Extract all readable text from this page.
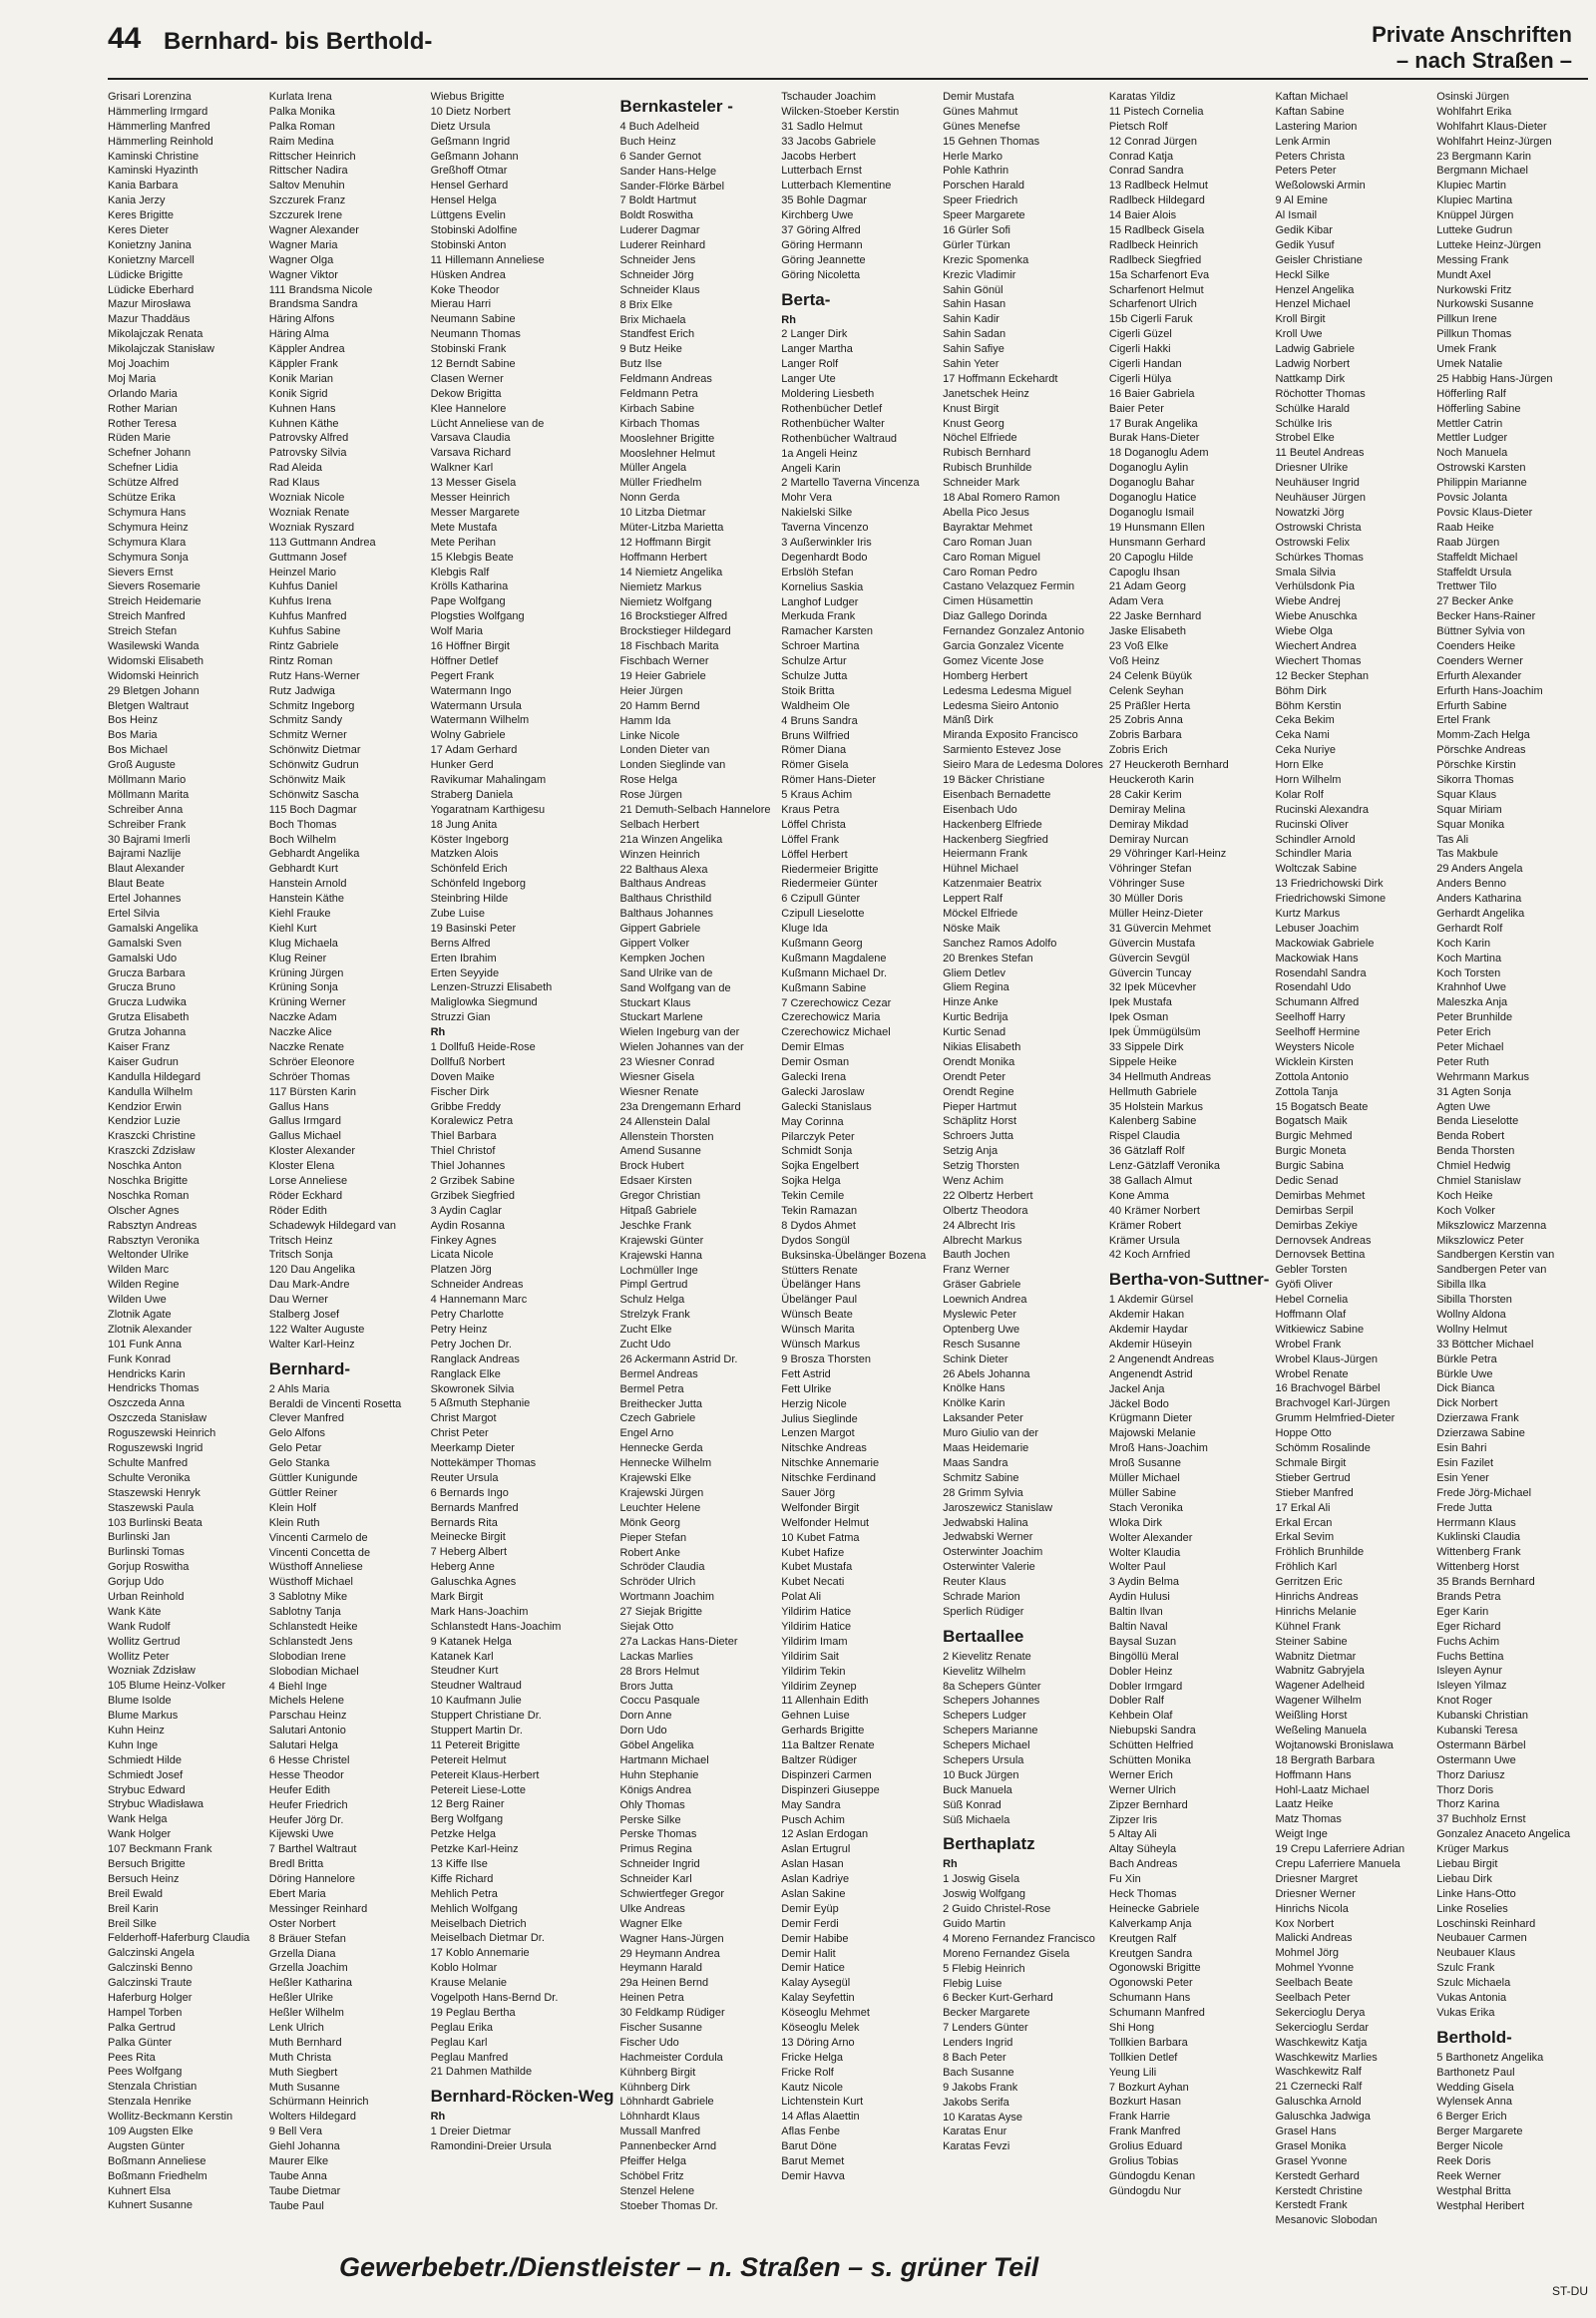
44 Bernhard- bis Berthold-	Private Anschriften
– nach Straßen –
Grisari Lorenzina
Hämmerling Irmgard
Hämmerling Manfred
Hämmerling Reinhold
Kaminski Christine
Kaminski Hyazinth
Kania Barbara
Kania Jerzy
Keres Brigitte
Keres Dieter
Konietzny Janina
Konietzny Marcell
Lüdicke Brigitte
Lüdicke Eberhard
Mazur Mirosława
Mazur Thaddäus
Mikolajczak Renata
Mikolajczak Stanisław
Moj Joachim
Moj Maria
Orlando Maria
Rother Marian
Rother Teresa
Rüden Marie
Schefner Johann
Schefner Lidia
Schütze Alfred
Schütze Erika
Schymura Hans
Schymura Heinz
Schymura Klara
Schymura Sonja
Sievers Ernst
Sievers Rosemarie
Streich Heidemarie
Streich Manfred
Streich Stefan
Wasilewski Wanda
Widomski Elisabeth
Widomski Heinrich
29 Bletgen Johann
Bletgen Waltraut
Bos Heinz
Bos Maria
Bos Michael
Groß Auguste
Möllmann Mario
Möllmann Marita
Schreiber Anna
Schreiber Frank
30 Bajrami Imerli
Bajrami Nazlije
Blaut Alexander
Blaut Beate
Ertel Johannes
Ertel Silvia
Gamalski Angelika
Gamalski Sven
Gamalski Udo
Grucza Barbara
Grucza Bruno
Grucza Ludwika
Grutza Elisabeth
Grutza Johanna
Kaiser Franz
Kaiser Gudrun
Kandulla Hildegard
Kandulla Wilhelm
Kendzior Erwin
Kendzior Luzie
Kraszcki Christine
Kraszcki Zdzisław
Noschka Anton
Noschka Brigitte
Noschka Roman
Olscher Agnes
Rabsztyn Andreas
Rabsztyn Veronika
Weltonder Ulrike
Wilden Marc
Wilden Regine
Wilden Uwe
Zlotnik Agate
Zlotnik Alexander
101 Funk Anna
Funk Konrad
Hendricks Karin
Hendricks Thomas
Oszczeda Anna
Oszczeda Stanisław
Roguszewski Heinrich
Roguszewski Ingrid
Schulte Manfred
Schulte Veronika
Staszewski Henryk
Staszewski Paula
103 Burlinski Beata
Burlinski Jan
Burlinski Tomas
Gorjup Roswitha
Gorjup Udo
Urban Reinhold
Wank Käte
Wank Rudolf
Wollitz Gertrud
Wollitz Peter
Wozniak Zdzisław
105 Blume Heinz-Volker
Blume Isolde
Blume Markus
Kuhn Heinz
Kuhn Inge
Schmiedt Hilde
Schmiedt Josef
Strybuc Edward
Strybuc Władisława
Wank Helga
Wank Holger
107 Beckmann Frank
Bersuch Brigitte
Bersuch Heinz
Breil Ewald
Breil Karin
Breil Silke
Felderhoff-Haferburg Claudia
Galczinski Angela
Galczinski Benno
Galczinski Traute
Haferburg Holger
Hampel Torben
Palka Gertrud
Palka Günter
Pees Rita
Pees Wolfgang
Stenzala Christian
Stenzala Henrike
Wollitz-Beckmann Kerstin
109 Augsten Elke
Augsten Günter
Boßmann Anneliese
Boßmann Friedhelm
Kuhnert Elsa
Kuhnert Susanne
Kurlata Irena
Palka Monika
Palka Roman
Raim Medina
Rittscher Heinrich
Rittscher Nadira
Saltov Menuhin
Szczurek Franz
Szczurek Irene
Wagner Alexander
Wagner Maria
Wagner Olga
Wagner Viktor
111 Brandsma Nicole
Brandsma Sandra
Häring Alfons
Häring Alma
Käppler Andrea
Käppler Frank
Konik Marian
Konik Sigrid
Kuhnen Hans
Kuhnen Käthe
Patrovsky Alfred
Patrovsky Silvia
Rad Aleida
Rad Klaus
Wozniak Nicole
Wozniak Renate
Wozniak Ryszard
113 Guttmann Andrea
Guttmann Josef
Heinzel Mario
Kuhfus Daniel
Kuhfus Irena
Kuhfus Manfred
Kuhfus Sabine
Rintz Gabriele
Rintz Roman
Rutz Hans-Werner
Rutz Jadwiga
Schmitz Ingeborg
Schmitz Sandy
Schmitz Werner
Schönwitz Dietmar
Schönwitz Gudrun
Schönwitz Maik
Schönwitz Sascha
115 Boch Dagmar
Boch Thomas
Boch Wilhelm
Gebhardt Angelika
Gebhardt Kurt
Hanstein Arnold
Hanstein Käthe
Kiehl Frauke
Kiehl Kurt
Klug Michaela
Klug Reiner
Krüning Jürgen
Krüning Sonja
Krüning Werner
Naczke Adam
Naczke Alice
Naczke Renate
Schröer Eleonore
Schröer Thomas
117 Bürsten Karin
Gallus Hans
Gallus Irmgard
Gallus Michael
Kloster Alexander
Kloster Elena
Lorse Anneliese
Röder Eckhard
Röder Edith
Schadewyk Hildegard van
Tritsch Heinz
Tritsch Sonja
120 Dau Angelika
Dau Mark-Andre
Dau Werner
Stalberg Josef
122 Walter Auguste
Walter Karl-Heinz
Bernhard-
2 Ahls Maria
Beraldi de Vincenti Rosetta
Clever Manfred
Gelo Alfons
Gelo Petar
Gelo Stanka
Güttler Kunigunde
Güttler Reiner
Klein Holf
Klein Ruth
Vincenti Carmelo de
Vincenti Concetta de
Wüsthoff Anneliese
Wüsthoff Michael
3 Sablotny Mike
Sablotny Tanja
Schlanstedt Heike
Schlanstedt Jens
Slobodian Irene
Slobodian Michael
4 Biehl Inge
Michels Helene
Parschau Heinz
Salutari Antonio
Salutari Helga
6 Hesse Christel
Hesse Theodor
Heufer Edith
Heufer Friedrich
Heufer Jörg Dr.
Kijewski Uwe
7 Barthel Waltraut
Bredl Britta
Döring Hannelore
Ebert Maria
Messinger Reinhard
Oster Norbert
8 Bräuer Stefan
Grzella Diana
Grzella Joachim
Heßler Katharina
Heßler Ulrike
Heßler Wilhelm
Lenk Ulrich
Muth Bernhard
Muth Christa
Muth Siegbert
Muth Susanne
Schürmann Heinrich
Wolters Hildegard
9 Bell Vera
Giehl Johanna
Maurer Elke
Taube Anna
Taube Dietmar
Taube Paul
Wiebus Brigitte
10 Dietz Norbert
Dietz Ursula
Geßmann Ingrid
Geßmann Johann
Greßhoff Otmar
Hensel Gerhard
Hensel Helga
Lüttgens Evelin
Stobinski Adolfine
Stobinski Anton
11 Hillemann Anneliese
Hüsken Andrea
Koke Theodor
Mierau Harri
Neumann Sabine
Neumann Thomas
Stobinski Frank
12 Berndt Sabine
Clasen Werner
Dekow Brigitta
Klee Hannelore
Lücht Anneliese van de
Varsava Claudia
Varsava Richard
Walkner Karl
13 Messer Gisela
Messer Heinrich
Messer Margarete
Mete Mustafa
Mete Perihan
15 Klebgis Beate
Klebgis Ralf
Krölls Katharina
Pape Wolfgang
Plogsties Wolfgang
Wolf Maria
16 Höffner Birgit
Höffner Detlef
Pegert Frank
Watermann Ingo
Watermann Ursula
Watermann Wilhelm
Wolny Gabriele
17 Adam Gerhard
Hunker Gerd
Ravikumar Mahalingam
Straberg Daniela
Yogaratnam Karthigesu
18 Jung Anita
Köster Ingeborg
Matzken Alois
Schönfeld Erich
Schönfeld Ingeborg
Steinbring Hilde
Zube Luise
19 Basinski Peter
Berns Alfred
Erten Ibrahim
Erten Seyyide
Lenzen-Struzzi Elisabeth
Maliglowka Siegmund
Struzzi Gian
Rh
1 Dollfuß Heide-Rose
Dollfuß Norbert
Doven Maike
Fischer Dirk
Gribbe Freddy
Koralewicz Petra
Thiel Barbara
Thiel Christof
Thiel Johannes
2 Grzibek Sabine
Grzibek Siegfried
3 Aydin Caglar
Aydin Rosanna
Finkey Agnes
Licata Nicole
Platzen Jörg
Schneider Andreas
4 Hannemann Marc
Petry Charlotte
Petry Heinz
Petry Jochen Dr.
Ranglack Andreas
Ranglack Elke
Skowronek Silvia
5 Aßmuth Stephanie
Christ Margot
Christ Peter
Meerkamp Dieter
Nottekämper Thomas
Reuter Ursula
6 Bernards Ingo
Bernards Manfred
Bernards Rita
Meinecke Birgit
7 Heberg Albert
Heberg Anne
Galuschka Agnes
Mark Birgit
Mark Hans-Joachim
Schlanstedt Hans-Joachim
9 Katanek Helga
Katanek Karl
Steudner Kurt
Steudner Waltraud
10 Kaufmann Julie
Stuppert Christiane Dr.
Stuppert Martin Dr.
11 Petereit Brigitte
Petereit Helmut
Petereit Klaus-Herbert
Petereit Liese-Lotte
12 Berg Rainer
Berg Wolfgang
Petzke Helga
Petzke Karl-Heinz
13 Kiffe Ilse
Kiffe Richard
Mehlich Petra
Mehlich Wolfgang
Meiselbach Dietrich
Meiselbach Dietmar Dr.
17 Koblo Annemarie
Koblo Holmar
Krause Melanie
Vogelpoth Hans-Bernd Dr.
19 Peglau Bertha
Peglau Erika
Peglau Karl
Peglau Manfred
21 Dahmen Mathilde
Bernhard-Röcken-Weg
Rh
1 Dreier Dietmar
Ramondini-Dreier Ursula
Bernkasteler -
4 Buch Adelheid
Buch Heinz
6 Sander Gernot
Sander Hans-Helge
Sander-Flörke Bärbel
7 Boldt Hartmut
Boldt Roswitha
Luderer Dagmar
Luderer Reinhard
Schneider Jens
Schneider Jörg
Schneider Klaus
8 Brix Elke
Brix Michaela
Standfest Erich
9 Butz Heike
Butz Ilse
Feldmann Andreas
Feldmann Petra
Kirbach Sabine
Kirbach Thomas
Mooslehner Brigitte
Mooslehner Helmut
Müller Angela
Müller Friedhelm
Nonn Gerda
10 Litzba Dietmar
Müter-Litzba Marietta
12 Hoffmann Birgit
Hoffmann Herbert
14 Niemietz Angelika
Niemietz Markus
Niemietz Wolfgang
16 Brockstieger Alfred
Brockstieger Hildegard
18 Fischbach Marita
Fischbach Werner
19 Heier Gabriele
Heier Jürgen
20 Hamm Bernd
Hamm Ida
Linke Nicole
Londen Dieter van
Londen Sieglinde van
Rose Helga
Rose Jürgen
21 Demuth-Selbach Hannelore
Selbach Herbert
21a Winzen Angelika
Winzen Heinrich
22 Balthaus Alexa
Balthaus Andreas
Balthaus Christhild
Balthaus Johannes
Gippert Gabriele
Gippert Volker
Kempken Jochen
Sand Ulrike van de
Sand Wolfgang van de
Stuckart Klaus
Stuckart Marlene
Wielen Ingeburg van der
Wielen Johannes van der
23 Wiesner Conrad
Wiesner Gisela
Wiesner Renate
23a Drengemann Erhard
24 Allenstein Dalal
Allenstein Thorsten
Amend Susanne
Brock Hubert
Edsaer Kirsten
Gregor Christian
Hitpaß Gabriele
Jeschke Frank
Krajewski Günter
Krajewski Hanna
Lochmüller Inge
Pimpl Gertrud
Schulz Helga
Strelzyk Frank
Zucht Elke
Zucht Udo
26 Ackermann Astrid Dr.
Bermel Andreas
Bermel Petra
Breithecker Jutta
Czech Gabriele
Engel Arno
Hennecke Gerda
Hennecke Wilhelm
Krajewski Elke
Krajewski Jürgen
Leuchter Helene
Mönk Georg
Pieper Stefan
Robert Anke
Schröder Claudia
Schröder Ulrich
Wortmann Joachim
27 Siejak Brigitte
Siejak Otto
27a Lackas Hans-Dieter
Lackas Marlies
28 Brors Helmut
Brors Jutta
Coccu Pasquale
Dorn Anne
Dorn Udo
Göbel Angelika
Hartmann Michael
Huhn Stephanie
Königs Andrea
Ohly Thomas
Perske Silke
Perske Thomas
Primus Regina
Schneider Ingrid
Schneider Karl
Schwiertfeger Gregor
Ulke Andreas
Wagner Elke
Wagner Hans-Jürgen
29 Heymann Andrea
Heymann Harald
29a Heinen Bernd
Heinen Petra
30 Feldkamp Rüdiger
Fischer Susanne
Fischer Udo
Hachmeister Cordula
Kühnberg Birgit
Kühnberg Dirk
Löhnhardt Gabriele
Löhnhardt Klaus
Mussall Manfred
Pannenbecker Arnd
Pfeiffer Helga
Schöbel Fritz
Stenzel Helene
Stoeber Thomas Dr.
Tschauder Joachim
Wilcken-Stoeber Kerstin
31 Sadlo Helmut
33 Jacobs Gabriele
Jacobs Herbert
Lutterbach Ernst
Lutterbach Klementine
35 Bohle Dagmar
Kirchberg Uwe
37 Göring Alfred
Göring Hermann
Göring Jeannette
Göring Nicoletta
Berta-
Rh
2 Langer Dirk
Langer Martha
Langer Rolf
Langer Ute
Moldering Liesbeth
Rothenbücher Detlef
Rothenbücher Walter
Rothenbücher Waltraud
1a Angeli Heinz
Angeli Karin
2 Martello Taverna Vincenza
Mohr Vera
Nakielski Silke
Taverna Vincenzo
3 Außerwinkler Iris
Degenhardt Bodo
Erbslöh Stefan
Kornelius Saskia
Langhof Ludger
Merkuda Frank
Ramacher Karsten
Schroer Martina
Schulze Artur
Schulze Jutta
Stoik Britta
Waldheim Ole
4 Bruns Sandra
Bruns Wilfried
Römer Diana
Römer Gisela
Römer Hans-Dieter
5 Kraus Achim
Kraus Petra
Löffel Christa
Löffel Frank
Löffel Herbert
Riedermeier Brigitte
Riedermeier Günter
6 Czipull Günter
Czipull Lieselotte
Kluge Ida
Kußmann Georg
Kußmann Magdalene
Kußmann Michael Dr.
Kußmann Sabine
7 Czerechowicz Cezar
Czerechowicz Maria
Czerechowicz Michael
Demir Elmas
Demir Osman
Galecki Irena
Galecki Jaroslaw
Galecki Stanislaus
May Corinna
Pilarczyk Peter
Schmidt Sonja
Sojka Engelbert
Sojka Helga
Tekin Cemile
Tekin Ramazan
8 Dydos Ahmet
Dydos Songül
Buksinska-Übelänger Bozena
Stütters Renate
Übelänger Hans
Übelänger Paul
Wünsch Beate
Wünsch Marita
Wünsch Markus
9 Brosza Thorsten
Fett Astrid
Fett Ulrike
Herzig Nicole
Julius Sieglinde
Lenzen Margot
Nitschke Andreas
Nitschke Annemarie
Nitschke Ferdinand
Sauer Jörg
Welfonder Birgit
Welfonder Helmut
10 Kubet Fatma
Kubet Hafize
Kubet Mustafa
Kubet Necati
Polat Ali
Yildirim Hatice
Yildirim Hatice
Yildirim Imam
Yildirim Sait
Yildirim Tekin
Yildirim Zeynep
11 Allenhain Edith
Gehnen Luise
Gerhards Brigitte
11a Baltzer Renate
Baltzer Rüdiger
Dispinzeri Carmen
Dispinzeri Giuseppe
May Sandra
Pusch Achim
12 Aslan Erdogan
Aslan Ertugrul
Aslan Hasan
Aslan Kadriye
Aslan Sakine
Demir Eyüp
Demir Ferdi
Demir Habibe
Demir Halit
Demir Hatice
Kalay Aysegül
Kalay Seyfettin
Köseoglu Mehmet
Köseoglu Melek
13 Döring Arno
Fricke Helga
Fricke Rolf
Kautz Nicole
Lichtenstein Kurt
14 Aflas Alaettin
Aflas Fenbe
Barut Döne
Barut Memet
Demir Havva
Demir Mustafa
Günes Mahmut
Günes Menefse
15 Gehnen Thomas
Herle Marko
Pohle Kathrin
Porschen Harald
Speer Friedrich
Speer Margarete
16 Gürler Sofi
Gürler Türkan
Krezic Spomenka
Krezic Vladimir
Sahin Gönül
Sahin Hasan
Sahin Kadir
Sahin Sadan
Sahin Safiye
Sahin Yeter
17 Hoffmann Eckehardt
Janetschek Heinz
Knust Birgit
Knust Georg
Nöchel Elfriede
Rubisch Bernhard
Rubisch Brunhilde
Schneider Mark
18 Abal Romero Ramon
Abella Pico Jesus
Bayraktar Mehmet
Caro Roman Juan
Caro Roman Miguel
Caro Roman Pedro
Castano Velazquez Fermin
Cimen Hüsamettin
Diaz Gallego Dorinda
Fernandez Gonzalez Antonio
Garcia Gonzalez Vicente
Gomez Vicente Jose
Homberg Herbert
Ledesma Ledesma Miguel
Ledesma Sieiro Antonio
Mänß Dirk
Miranda Exposito Francisco
Sarmiento Estevez Jose
Sieiro Mara de Ledesma Dolores
19 Bäcker Christiane
Eisenbach Bernadette
Eisenbach Udo
Hackenberg Elfriede
Hackenberg Siegfried
Heiermann Frank
Hühnel Michael
Katzenmaier Beatrix
Leppert Ralf
Möckel Elfriede
Nöske Maik
Sanchez Ramos Adolfo
20 Brenkes Stefan
Gliem Detlev
Gliem Regina
Hinze Anke
Kurtic Bedrija
Kurtic Senad
Nikias Elisabeth
Orendt Monika
Orendt Peter
Orendt Regine
Pieper Hartmut
Schäplitz Horst
Schroers Jutta
Setzig Anja
Setzig Thorsten
Wenz Achim
22 Olbertz Herbert
Olbertz Theodora
24 Albrecht Iris
Albrecht Markus
Bauth Jochen
Franz Werner
Gräser Gabriele
Loewnich Andrea
Myslewic Peter
Optenberg Uwe
Resch Susanne
Schink Dieter
26 Abels Johanna
Knölke Hans
Knölke Karin
Laksander Peter
Muro Giulio van der
Maas Heidemarie
Maas Sandra
Schmitz Sabine
28 Grimm Sylvia
Jaroszewicz Stanislaw
Jedwabski Halina
Jedwabski Werner
Osterwinter Joachim
Osterwinter Valerie
Reuter Klaus
Schrade Marion
Sperlich Rüdiger
Bertaallee
2 Kievelitz Renate
Kievelitz Wilhelm
8a Schepers Günter
Schepers Johannes
Schepers Ludger
Schepers Marianne
Schepers Michael
Schepers Ursula
10 Buck Jürgen
Buck Manuela
Süß Konrad
Süß Michaela
Berthaplatz
Rh
1 Joswig Gisela
Joswig Wolfgang
2 Guido Christel-Rose
Guido Martin
4 Moreno Fernandez Francisco
Moreno Fernandez Gisela
5 Flebig Heinrich
Flebig Luise
6 Becker Kurt-Gerhard
Becker Margarete
7 Lenders Günter
Lenders Ingrid
8 Bach Peter
Bach Susanne
9 Jakobs Frank
Jakobs Serifa
10 Karatas Ayse
Karatas Enur
Karatas Fevzi
Karatas Yildiz
11 Pistech Cornelia
Pietsch Rolf
12 Conrad Jürgen
Conrad Katja
Conrad Sandra
13 Radlbeck Helmut
Radlbeck Hildegard
14 Baier Alois
15 Radlbeck Gisela
Radlbeck Heinrich
Radlbeck Siegfried
15a Scharfenort Eva
Scharfenort Helmut
Scharfenort Ulrich
15b Cigerli Faruk
Cigerli Güzel
Cigerli Hakki
Cigerli Handan
Cigerli Hülya
16 Baier Gabriela
Baier Peter
17 Burak Angelika
Burak Hans-Dieter
18 Doganoglu Adem
Doganoglu Aylin
Doganoglu Bahar
Doganoglu Hatice
Doganoglu Ismail
19 Hunsmann Ellen
Hunsmann Gerhard
20 Capoglu Hilde
Capoglu Ihsan
21 Adam Georg
Adam Vera
22 Jaske Bernhard
Jaske Elisabeth
23 Voß Elke
Voß Heinz
24 Celenk Büyük
Celenk Seyhan
25 Präßler Herta
25 Zobris Anna
Zobris Barbara
Zobris Erich
27 Heuckeroth Bernhard
Heuckeroth Karin
28 Cakir Kerim
Demiray Melina
Demiray Mikdad
Demiray Nurcan
29 Vöhringer Karl-Heinz
Vöhringer Stefan
Vöhringer Suse
30 Müller Doris
Müller Heinz-Dieter
31 Güvercin Mehmet
Güvercin Mustafa
Güvercin Sevgül
Güvercin Tuncay
32 Ipek Mücevher
Ipek Mustafa
Ipek Osman
Ipek Ümmügülsüm
33 Sippele Dirk
Sippele Heike
34 Hellmuth Andreas
Hellmuth Gabriele
35 Holstein Markus
Kalenberg Sabine
Rispel Claudia
36 Gätzlaff Rolf
Lenz-Gätzlaff Veronika
38 Gallach Almut
Kone Amma
40 Krämer Norbert
Krämer Robert
Krämer Ursula
42 Koch Arnfried
Bertha-von-Suttner-
1 Akdemir Gürsel
Akdemir Hakan
Akdemir Haydar
Akdemir Hüseyin
2 Angenendt Andreas
Angenendt Astrid
Jackel Anja
Jäckel Bodo
Krügmann Dieter
Majowski Melanie
Mroß Hans-Joachim
Mroß Susanne
Müller Michael
Müller Sabine
Stach Veronika
Wloka Dirk
Wolter Alexander
Wolter Klaudia
Wolter Paul
3 Aydin Belma
Aydin Hulusi
Baltin Ilvan
Baltin Naval
Baysal Suzan
Bingöllü Meral
Dobler Heinz
Dobler Irmgard
Dobler Ralf
Kehbein Olaf
Niebupski Sandra
Schütten Helfried
Schütten Monika
Werner Erich
Werner Ulrich
Zipzer Bernhard
Zipzer Iris
5 Altay Ali
Altay Süheyla
Bach Andreas
Fu Xin
Heck Thomas
Heinecke Gabriele
Kalverkamp Anja
Kreutgen Ralf
Kreutgen Sandra
Ogonowski Brigitte
Ogonowski Peter
Schumann Hans
Schumann Manfred
Shi Hong
Tollkien Barbara
Tollkien Detlef
Yeung Lili
7 Bozkurt Ayhan
Bozkurt Hasan
Frank Harrie
Frank Manfred
Grolius Eduard
Grolius Tobias
Gündogdu Kenan
Gündogdu Nur
Kaftan Michael
Kaftan Sabine
Lastering Marion
Lenk Armin
Peters Christa
Peters Peter
Weßolowski Armin
9 Al Emine
Al Ismail
Gedik Kibar
Gedik Yusuf
Geisler Christiane
Heckl Silke
Henzel Angelika
Henzel Michael
Kroll Birgit
Kroll Uwe
Ladwig Gabriele
Ladwig Norbert
Nattkamp Dirk
Röchotter Thomas
Schülke Harald
Schülke Iris
Strobel Elke
11 Beutel Andreas
Driesner Ulrike
Neuhäuser Ingrid
Neuhäuser Jürgen
Nowatzki Jörg
Ostrowski Christa
Ostrowski Felix
Schürkes Thomas
Smala Silvia
Verhülsdonk Pia
Wiebe Andrej
Wiebe Anuschka
Wiebe Olga
Wiechert Andrea
Wiechert Thomas
12 Becker Stephan
Böhm Dirk
Böhm Kerstin
Ceka Bekim
Ceka Nami
Ceka Nuriye
Horn Elke
Horn Wilhelm
Kolar Rolf
Rucinski Alexandra
Rucinski Oliver
Schindler Arnold
Schindler Maria
Woltczak Sabine
13 Friedrichowski Dirk
Friedrichowski Simone
Kurtz Markus
Lebuser Joachim
Mackowiak Gabriele
Mackowiak Hans
Rosendahl Sandra
Rosendahl Udo
Schumann Alfred
Seelhoff Harry
Seelhoff Hermine
Weysters Nicole
Wicklein Kirsten
Zottola Antonio
Zottola Tanja
15 Bogatsch Beate
Bogatsch Maik
Burgic Mehmed
Burgic Moneta
Burgic Sabina
Dedic Senad
Demirbas Mehmet
Demirbas Serpil
Demirbas Zekiye
Dernovsek Andreas
Dernovsek Bettina
Gebler Torsten
Gyöfi Oliver
Hebel Cornelia
Hoffmann Olaf
Witkiewicz Sabine
Wrobel Frank
Wrobel Klaus-Jürgen
Wrobel Renate
16 Brachvogel Bärbel
Brachvogel Karl-Jürgen
Grumm Helmfried-Dieter
Hoppe Otto
Schömm Rosalinde
Schmale Birgit
Stieber Gertrud
Stieber Manfred
17 Erkal Ali
Erkal Ercan
Erkal Sevim
Fröhlich Brunhilde
Fröhlich Karl
Gerritzen Eric
Hinrichs Andreas
Hinrichs Melanie
Kühnel Frank
Steiner Sabine
Wabnitz Dietmar
Wabnitz Gabryjela
Wagener Adelheid
Wagener Wilhelm
Weißling Horst
Weßeling Manuela
Wojtanowski Bronislawa
18 Bergrath Barbara
Hoffmann Hans
Hohl-Laatz Michael
Laatz Heike
Matz Thomas
Weigt Inge
19 Crepu Laferriere Adrian
Crepu Laferriere Manuela
Driesner Margret
Driesner Werner
Hinrichs Nicola
Kox Norbert
Malicki Andreas
Mohmel Jörg
Mohmel Yvonne
Seelbach Beate
Seelbach Peter
Sekercioglu Derya
Sekercioglu Serdar
Waschkewitz Katja
Waschkewitz Marlies
Waschkewitz Ralf
21 Czernecki Ralf
Galuschka Arnold
Galuschka Jadwiga
Grasel Hans
Grasel Monika
Grasel Yvonne
Kerstedt Gerhard
Kerstedt Christine
Kerstedt Frank
Mesanovic Slobodan
Osinski Jürgen
Wohlfahrt Erika
Wohlfahrt Klaus-Dieter
Wohlfahrt Heinz-Jürgen
23 Bergmann Karin
Bergmann Michael
Klupiec Martin
Klupiec Martina
Knüppel Jürgen
Lutteke Gudrun
Lutteke Heinz-Jürgen
Messing Frank
Mundt Axel
Nurkowski Fritz
Nurkowski Susanne
Pillkun Irene
Pillkun Thomas
Umek Frank
Umek Natalie
25 Habbig Hans-Jürgen
Höfferling Ralf
Höfferling Sabine
Mettler Catrin
Mettler Ludger
Noch Manuela
Ostrowski Karsten
Philippin Marianne
Povsic Jolanta
Povsic Klaus-Dieter
Raab Heike
Raab Jürgen
Staffeldt Michael
Staffeldt Ursula
Trettwer Tilo
27 Becker Anke
Becker Hans-Rainer
Büttner Sylvia von
Coenders Heike
Coenders Werner
Erfurth Alexander
Erfurth Hans-Joachim
Erfurth Sabine
Ertel Frank
Momm-Zach Helga
Pörschke Andreas
Pörschke Kirstin
Sikorra Thomas
Squar Klaus
Squar Miriam
Squar Monika
Tas Ali
Tas Makbule
29 Anders Angela
Anders Benno
Anders Katharina
Gerhardt Angelika
Gerhardt Rolf
Koch Karin
Koch Martina
Koch Torsten
Krahnhof Uwe
Maleszka Anja
Peter Brunhilde
Peter Erich
Peter Michael
Peter Ruth
Wehrmann Markus
31 Agten Sonja
Agten Uwe
Benda Lieselotte
Benda Robert
Benda Thorsten
Chmiel Hedwig
Chmiel Stanislaw
Koch Heike
Koch Volker
Mikszlowicz Marzenna
Mikszlowicz Peter
Sandbergen Kerstin van
Sandbergen Peter van
Sibilla Ilka
Sibilla Thorsten
Wollny Aldona
Wollny Helmut
33 Böttcher Michael
Bürkle Petra
Bürkle Uwe
Dick Bianca
Dick Norbert
Dzierzawa Frank
Dzierzawa Sabine
Esin Bahri
Esin Fazilet
Esin Yener
Frede Jörg-Michael
Frede Jutta
Herrmann Klaus
Kuklinski Claudia
Wittenberg Frank
Wittenberg Horst
35 Brands Bernhard
Brands Petra
Eger Karin
Eger Richard
Fuchs Achim
Fuchs Bettina
Isleyen Aynur
Isleyen Yilmaz
Knot Roger
Kubanski Christian
Kubanski Teresa
Ostermann Bärbel
Ostermann Uwe
Thorz Dariusz
Thorz Doris
Thorz Karina
37 Buchholz Ernst
Gonzalez Anaceto Angelica
Krüger Markus
Liebau Birgit
Liebau Dirk
Linke Hans-Otto
Linke Roselies
Loschinski Reinhard
Neubauer Carmen
Neubauer Klaus
Szulc Frank
Szulc Michaela
Vukas Antonia
Vukas Erika
Berthold-
5 Barthonetz Angelika
Barthonetz Paul
Wedding Gisela
Wylensek Anna
6 Berger Erich
Berger Margarete
Berger Nicole
Reek Doris
Reek Werner
Westphal Britta
Westphal Heribert
Gewerbebetr./Dienstleister – n. Straßen – s. grüner Teil
ST-DU
